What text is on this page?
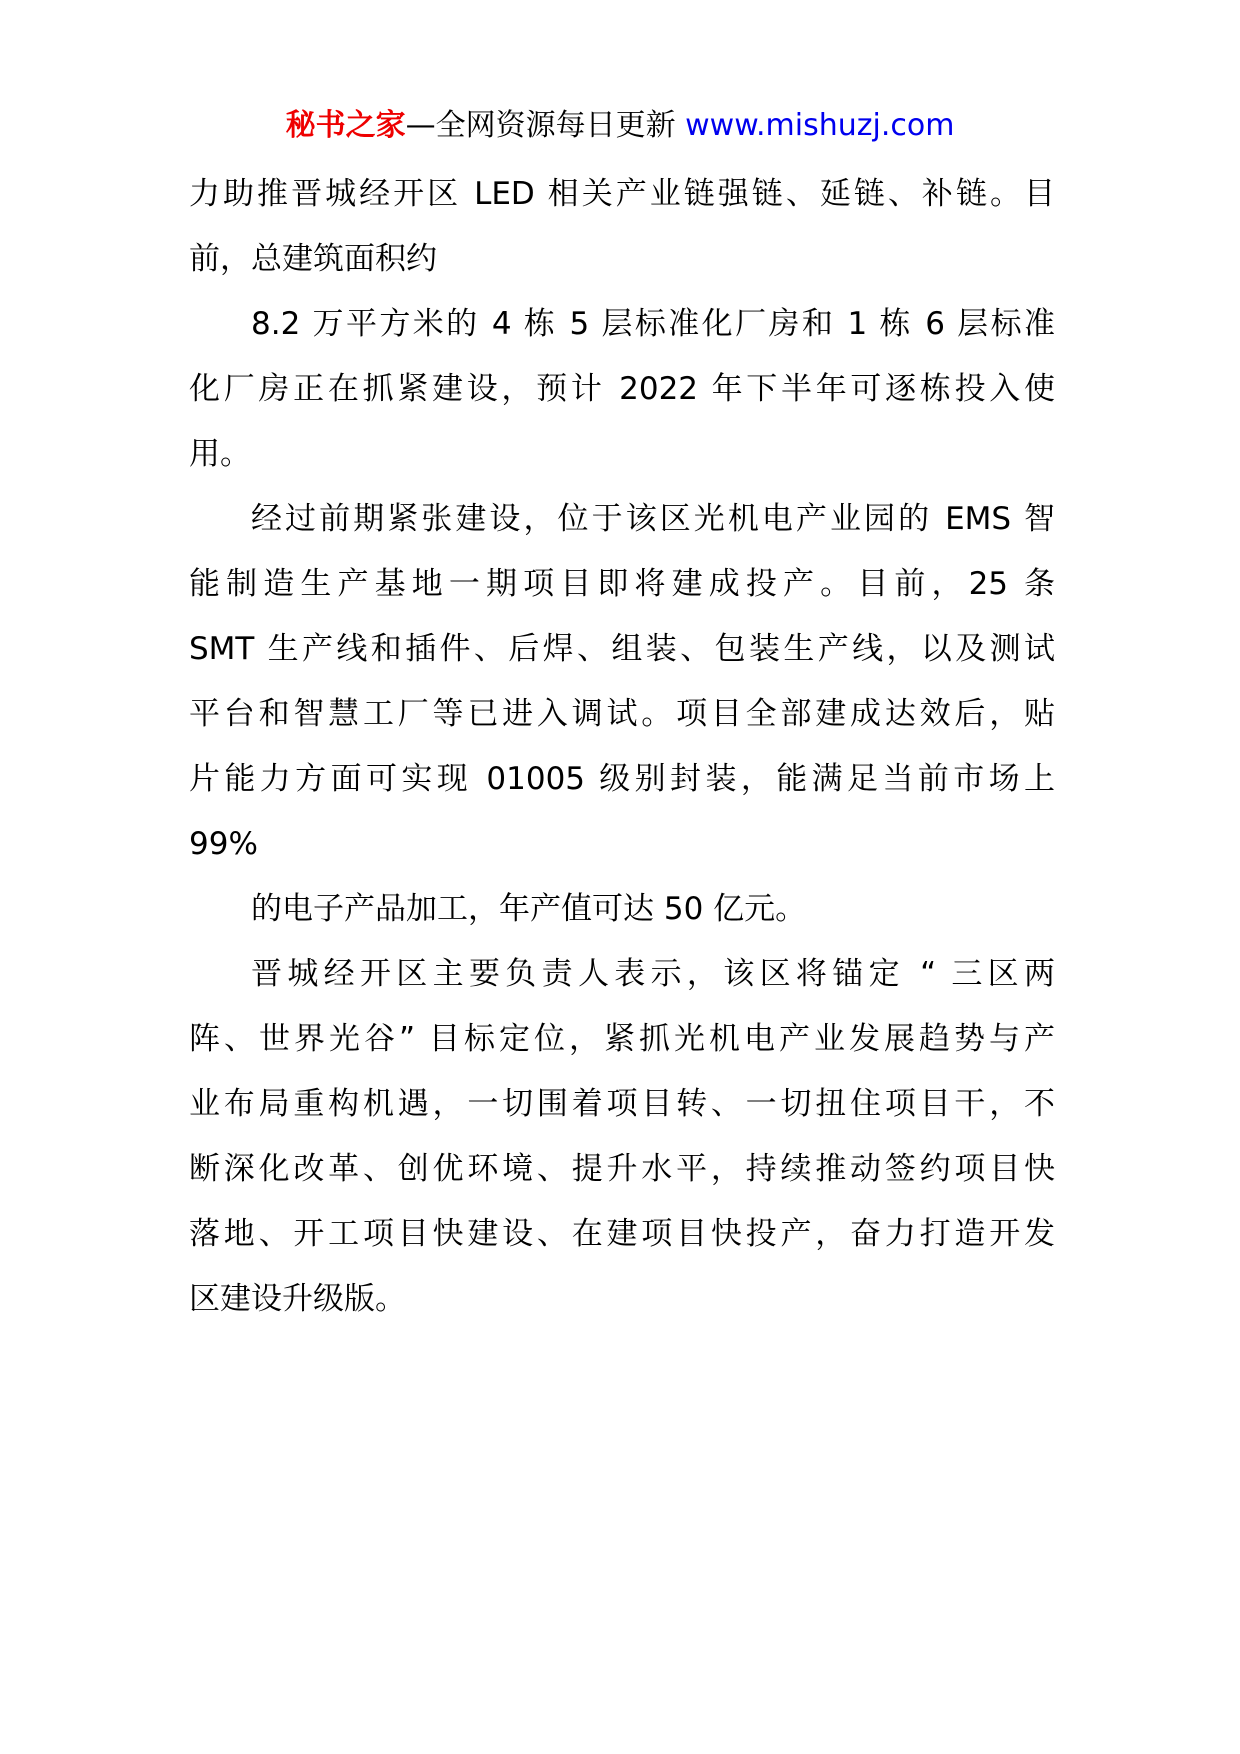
秘书之家—全网资源每日更新 www.mishuzj.com

力助推晋城经开区 LED 相关产业链强链、延链、补链。目
前，总建筑面积约

8.2 万平方米的 4 栋 5 层标准化厂房和 1 栋 6 层标准
化厂房正在抓紧建设，预计 2022 年下半年可逐栋投入使
用。

经过前期紧张建设，位于该区光机电产业园的 EMS 智
能制造生产基地一期项目即将建成投产。目前，25 条
SMT 生产线和插件、后焊、组装、包装生产线，以及测试
平台和智慧工厂等已进入调试。项目全部建成达效后，贴
片能力方面可实现 01005 级别封装，能满足当前市场上
99%

的电子产品加工，年产值可达 50 亿元。

晋城经开区主要负责人表示，该区将锚定 “ 三区两
阵、世界光谷” 目标定位，紧抓光机电产业发展趋势与产
业布局重构机遇，一切围着项目转、一切扭住项目干，不
断深化改革、创优环境、提升水平，持续推动签约项目快
落地、开工项目快建设、在建项目快投产，奋力打造开发
区建设升级版。
